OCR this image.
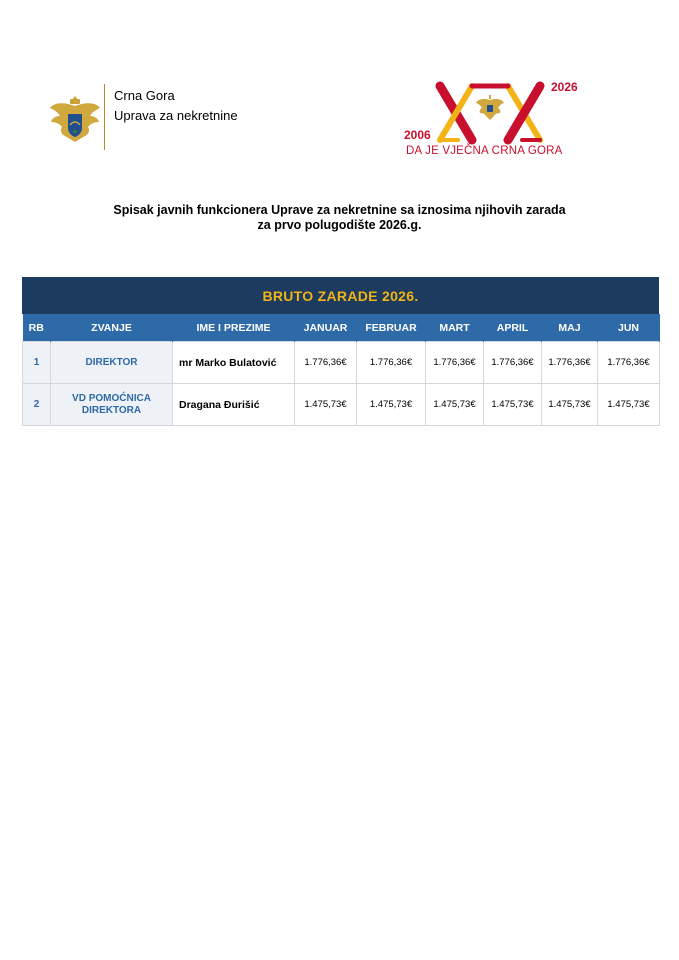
Crna Gora
Uprava za nekretnine
2006
2026
DA JE VJEČNA CRNA GORA
Spisak javnih funkcionera Uprave za nekretnine sa iznosima njihovih zarada
za prvo polugodište 2026.g.
BRUTO ZARADE 2026.
RB	ZVANJE	IME I PREZIME	JANUAR	FEBRUAR	MART	APRIL	MAJ	JUN
1	DIREKTOR	mr Marko Bulatović	1.776,36€	1.776,36€	1.776,36€	1.776,36€	1.776,36€	1.776,36€
2	VD POMOĆNICA DIREKTORA	Dragana Đurišić	1.475,73€	1.475,73€	1.475,73€	1.475,73€	1.475,73€	1.475,73€
